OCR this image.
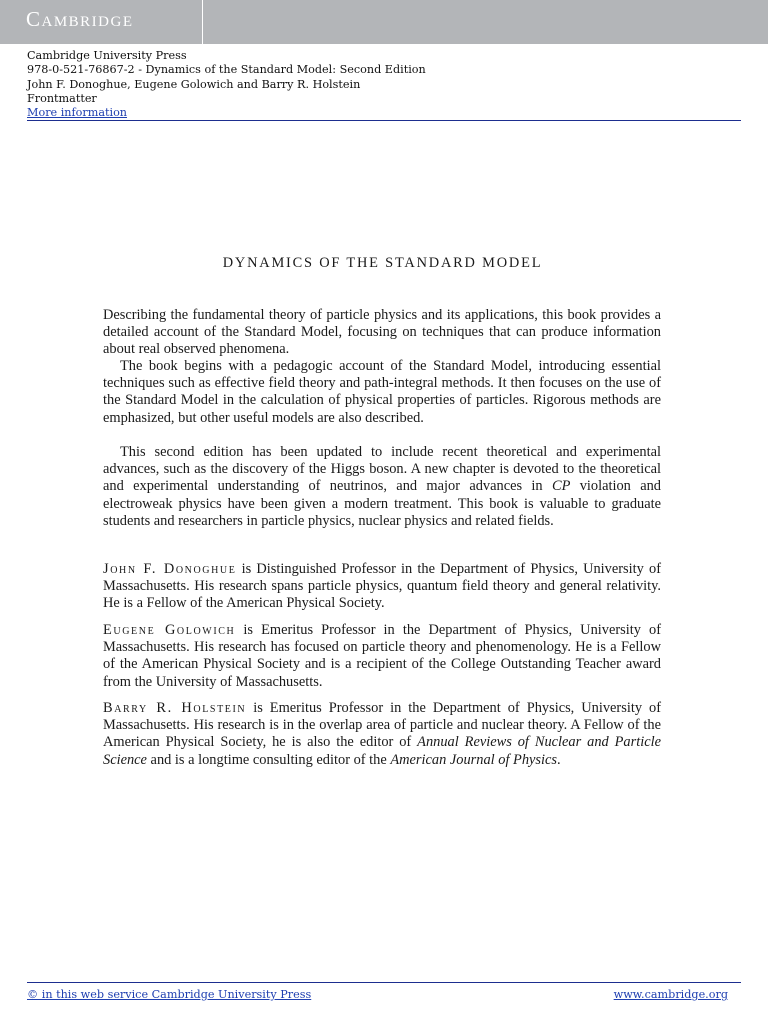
Cambridge
Cambridge University Press
978-0-521-76867-2 - Dynamics of the Standard Model: Second Edition
John F. Donoghue, Eugene Golowich and Barry R. Holstein
Frontmatter
More information
DYNAMICS OF THE STANDARD MODEL
Describing the fundamental theory of particle physics and its applications, this book provides a detailed account of the Standard Model, focusing on techniques that can produce information about real observed phenomena.
The book begins with a pedagogic account of the Standard Model, introducing essential techniques such as effective field theory and path-integral methods. It then focuses on the use of the Standard Model in the calculation of physical properties of particles. Rigorous methods are emphasized, but other useful models are also described.
This second edition has been updated to include recent theoretical and experimental advances, such as the discovery of the Higgs boson. A new chapter is devoted to the theoretical and experimental understanding of neutrinos, and major advances in CP violation and electroweak physics have been given a modern treatment. This book is valuable to graduate students and researchers in particle physics, nuclear physics and related fields.
John F. Donoghue is Distinguished Professor in the Department of Physics, University of Massachusetts. His research spans particle physics, quantum field theory and general relativity. He is a Fellow of the American Physical Society.
Eugene Golowich is Emeritus Professor in the Department of Physics, University of Massachusetts. His research has focused on particle theory and phenomenology. He is a Fellow of the American Physical Society and is a recipient of the College Outstanding Teacher award from the University of Massachusetts.
Barry R. Holstein is Emeritus Professor in the Department of Physics, University of Massachusetts. His research is in the overlap area of particle and nuclear theory. A Fellow of the American Physical Society, he is also the editor of Annual Reviews of Nuclear and Particle Science and is a longtime consulting editor of the American Journal of Physics.
© in this web service Cambridge University Press	www.cambridge.org
